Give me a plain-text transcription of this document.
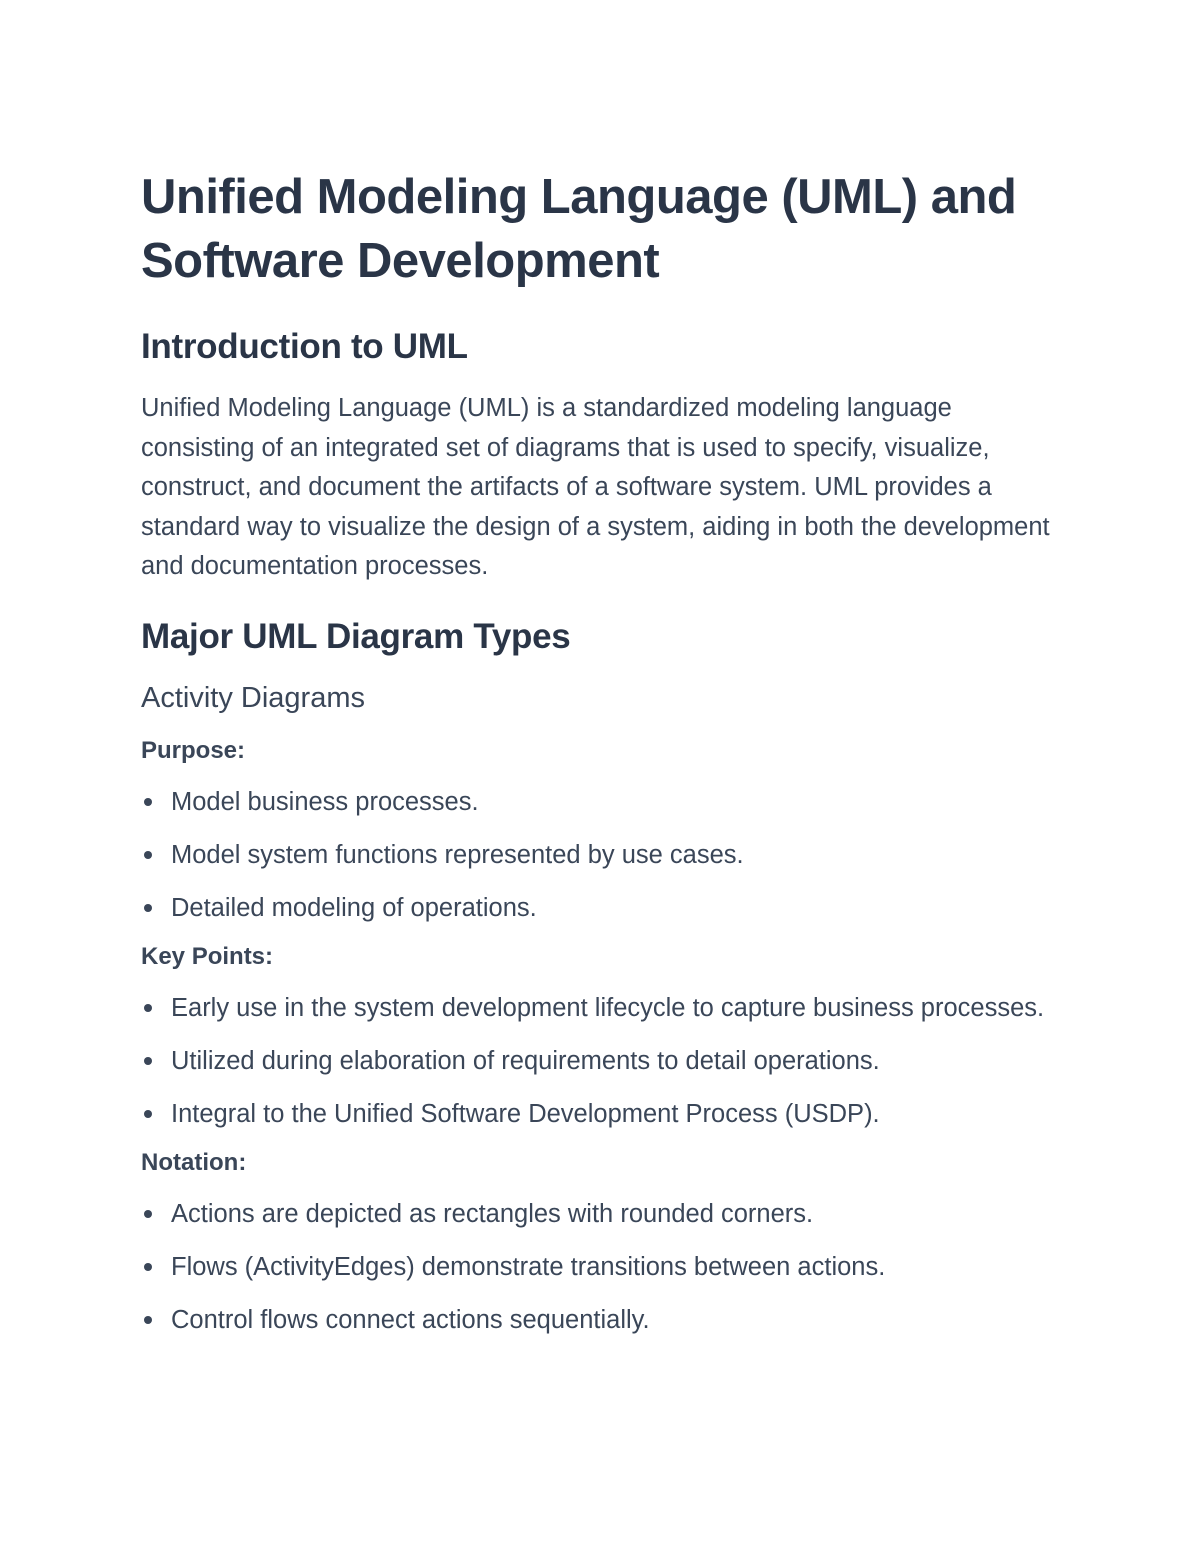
Unified Modeling Language (UML) and Software Development
Introduction to UML

Unified Modeling Language (UML) is a standardized modeling language consisting of an integrated set of diagrams that is used to specify, visualize, construct, and document the artifacts of a software system. UML provides a standard way to visualize the design of a system, aiding in both the development and documentation processes.

Major UML Diagram Types
Activity Diagrams
Purpose:
Model business processes.
Model system functions represented by use cases.
Detailed modeling of operations.
Key Points:
Early use in the system development lifecycle to capture business processes.
Utilized during elaboration of requirements to detail operations.
Integral to the Unified Software Development Process (USDP).
Notation:
Actions are depicted as rectangles with rounded corners.
Flows (ActivityEdges) demonstrate transitions between actions.
Control flows connect actions sequentially.
